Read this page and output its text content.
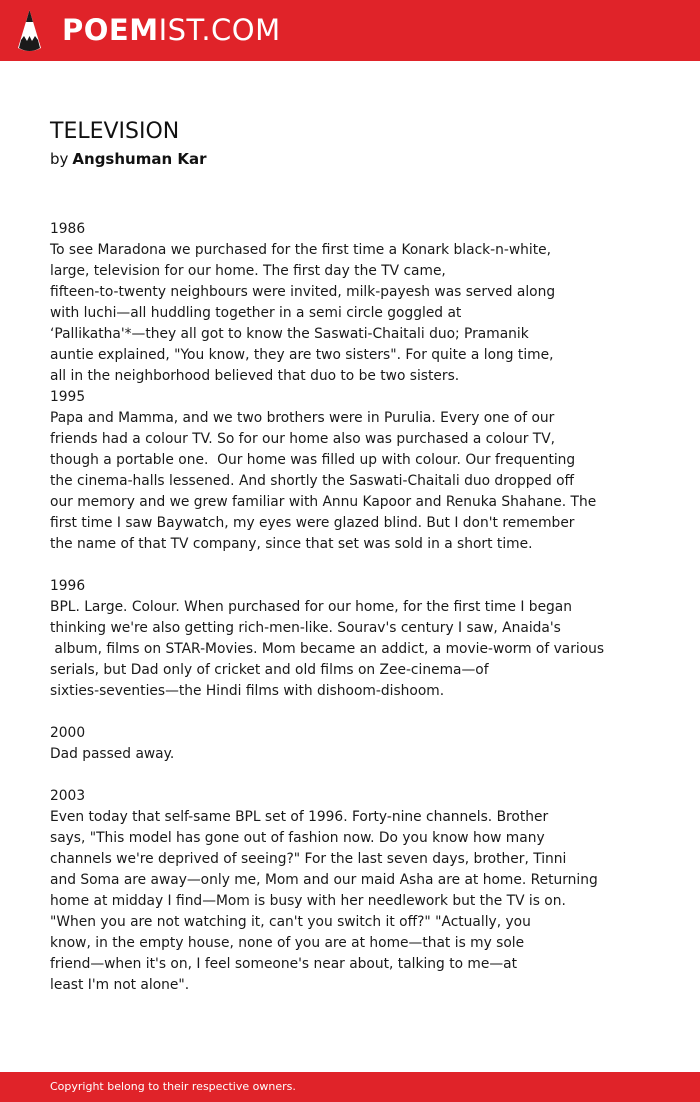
POEMIST.COM
TELEVISION
by Angshuman Kar
1986
To see Maradona we purchased for the first time a Konark black-n-white,
large, television for our home. The first day the TV came,
fifteen-to-twenty neighbours were invited, milk-payesh was served along
with luchi—all huddling together in a semi circle goggled at
‘Pallikatha'*—they all got to know the Saswati-Chaitali duo; Pramanik
auntie explained, "You know, they are two sisters". For quite a long time,
all in the neighborhood believed that duo to be two sisters.
1995
Papa and Mamma, and we two brothers were in Purulia. Every one of our
friends had a colour TV. So for our home also was purchased a colour TV,
though a portable one.  Our home was filled up with colour. Our frequenting
the cinema-halls lessened. And shortly the Saswati-Chaitali duo dropped off
our memory and we grew familiar with Annu Kapoor and Renuka Shahane. The
first time I saw Baywatch, my eyes were glazed blind. But I don't remember
the name of that TV company, since that set was sold in a short time.
1996
BPL. Large. Colour. When purchased for our home, for the first time I began
thinking we're also getting rich-men-like. Sourav's century I saw, Anaida's
album, films on STAR-Movies. Mom became an addict, a movie-worm of various
serials, but Dad only of cricket and old films on Zee-cinema—of
sixties-seventies—the Hindi films with dishoom-dishoom.
2000
Dad passed away.
2003
Even today that self-same BPL set of 1996. Forty-nine channels. Brother
says, "This model has gone out of fashion now. Do you know how many
channels we're deprived of seeing?" For the last seven days, brother, Tinni
and Soma are away—only me, Mom and our maid Asha are at home. Returning
home at midday I find—Mom is busy with her needlework but the TV is on.
"When you are not watching it, can't you switch it off?" "Actually, you
know, in the empty house, none of you are at home—that is my sole
friend—when it's on, I feel someone's near about, talking to me—at
least I'm not alone".
Copyright belong to their respective owners.
